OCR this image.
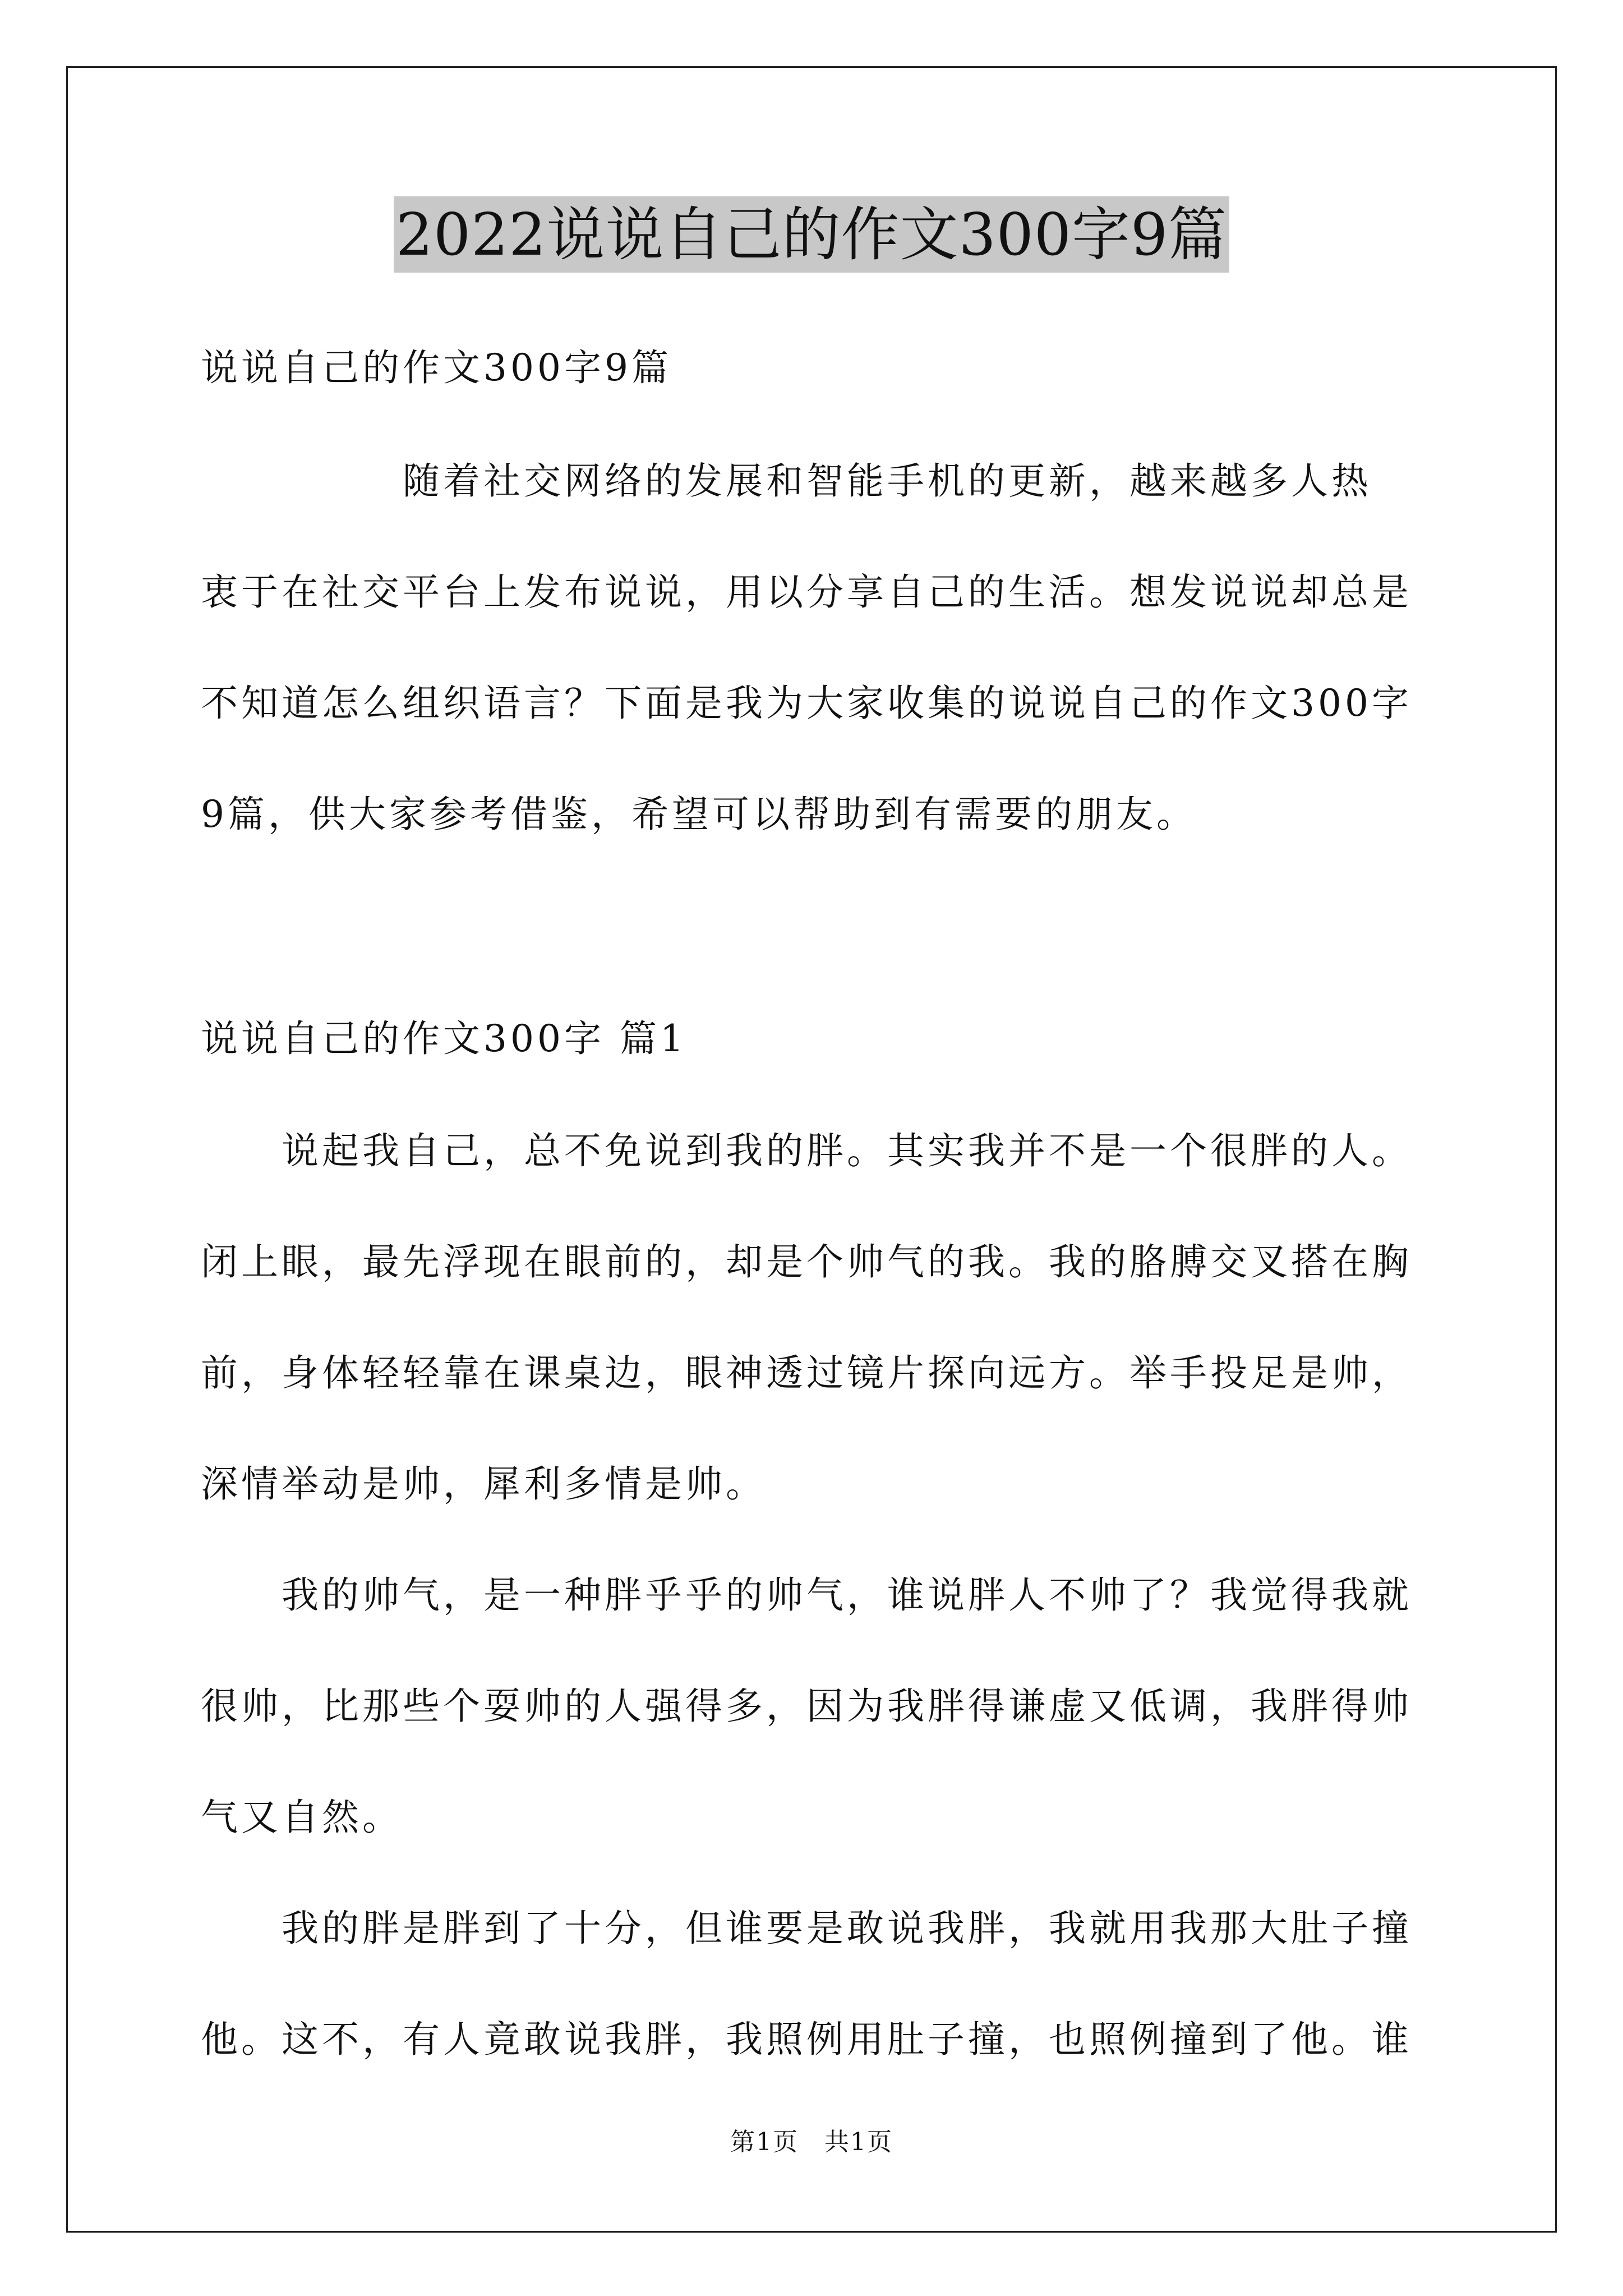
2022说说自己的作文300字9篇
说说自己的作文300字9篇
　　　　　随着社交网络的发展和智能手机的更新，越来越多人热
衷于在社交平台上发布说说，用以分享自己的生活。想发说说却总是
不知道怎么组织语言？下面是我为大家收集的说说自己的作文300字
9篇，供大家参考借鉴，希望可以帮助到有需要的朋友。
说说自己的作文300字 篇1
　　说起我自己，总不免说到我的胖。其实我并不是一个很胖的人。
闭上眼，最先浮现在眼前的，却是个帅气的我。我的胳膊交叉搭在胸
前，身体轻轻靠在课桌边，眼神透过镜片探向远方。举手投足是帅，
深情举动是帅，犀利多情是帅。
　　我的帅气，是一种胖乎乎的帅气，谁说胖人不帅了？我觉得我就
很帅，比那些个耍帅的人强得多，因为我胖得谦虚又低调，我胖得帅
气又自然。
　　我的胖是胖到了十分，但谁要是敢说我胖，我就用我那大肚子撞
他。这不，有人竟敢说我胖，我照例用肚子撞，也照例撞到了他。谁
第1页　共1页
